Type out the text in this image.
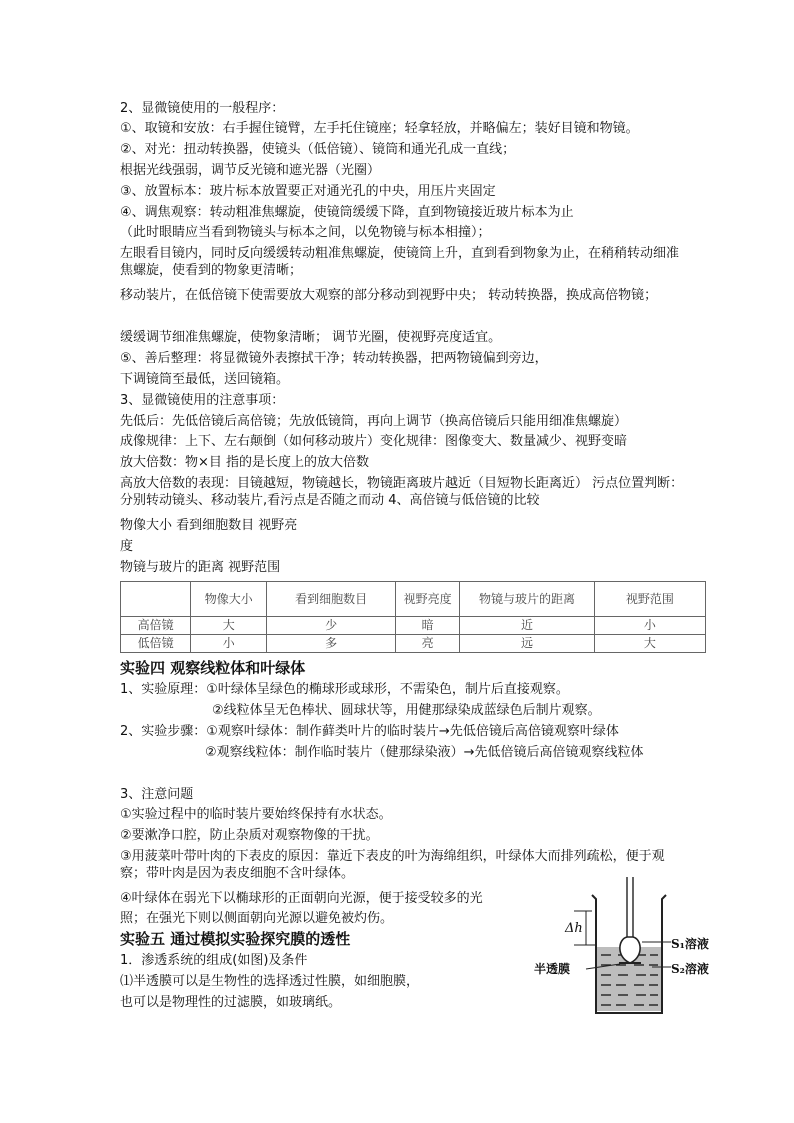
2、显微镜使用的一般程序：
①、取镜和安放：右手握住镜臂，左手托住镜座；轻拿轻放，并略偏左；装好目镜和物镜。
②、对光：扭动转换器，使镜头（低倍镜）、镜筒和通光孔成一直线；
根据光线强弱，调节反光镜和遮光器（光圈）
③、放置标本：玻片标本放置要正对通光孔的中央，用压片夹固定
④、调焦观察：转动粗准焦螺旋，使镜筒缓缓下降，直到物镜接近玻片标本为止
（此时眼睛应当看到物镜头与标本之间，以免物镜与标本相撞）；
左眼看目镜内，同时反向缓缓转动粗准焦螺旋，使镜筒上升，直到看到物象为止，在稍稍转动细准焦螺旋，使看到的物象更清晰；
移动装片，在低倍镜下使需要放大观察的部分移动到视野中央； 转动转换器，换成高倍物镜；
缓缓调节细准焦螺旋，使物象清晰； 调节光圈，使视野亮度适宜。
⑤、善后整理：将显微镜外表擦拭干净；转动转换器，把两物镜偏到旁边，
下调镜筒至最低，送回镜箱。
3、显微镜使用的注意事项：
先低后：先低倍镜后高倍镜；先放低镜筒，再向上调节（换高倍镜后只能用细准焦螺旋）
成像规律：上下、左右颠倒（如何移动玻片）变化规律：图像变大、数量减少、视野变暗
放大倍数：物×目 指的是长度上的放大倍数
高放大倍数的表现：目镜越短，物镜越长，物镜距离玻片越近（目短物长距离近） 污点位置判断：分别转动镜头、移动装片,看污点是否随之而动 4、高倍镜与低倍镜的比较
物像大小 看到细胞数目 视野亮
度
物镜与玻片的距离 视野范围
	物像大小	看到细胞数目	视野亮度	物镜与玻片的距离	视野范围
高倍镜	大	少	暗	近	小
低倍镜	小	多	亮	远	大
实验四 观察线粒体和叶绿体
1、实验原理：①叶绿体呈绿色的椭球形或球形，不需染色，制片后直接观察。
②线粒体呈无色棒状、圆球状等，用健那绿染成蓝绿色后制片观察。
2、实验步骤：①观察叶绿体：制作藓类叶片的临时装片→先低倍镜后高倍镜观察叶绿体
②观察线粒体：制作临时装片（健那绿染液）→先低倍镜后高倍镜观察线粒体
3、注意问题
①实验过程中的临时装片要始终保持有水状态。
②要漱净口腔，防止杂质对观察物像的干扰。
③用菠菜叶带叶肉的下表皮的原因：靠近下表皮的叶为海绵组织，叶绿体大而排列疏松，便于观察；带叶肉是因为表皮细胞不含叶绿体。
④叶绿体在弱光下以椭球形的正面朝向光源，便于接受较多的光
照；在强光下则以侧面朝向光源以避免被灼伤。
实验五 通过模拟实验探究膜的透性
1．渗透系统的组成(如图)及条件
⑴半透膜可以是生物性的选择透过性膜，如细胞膜，
也可以是物理性的过滤膜，如玻璃纸。
Δh
S₁溶液
S₂溶液
半透膜
